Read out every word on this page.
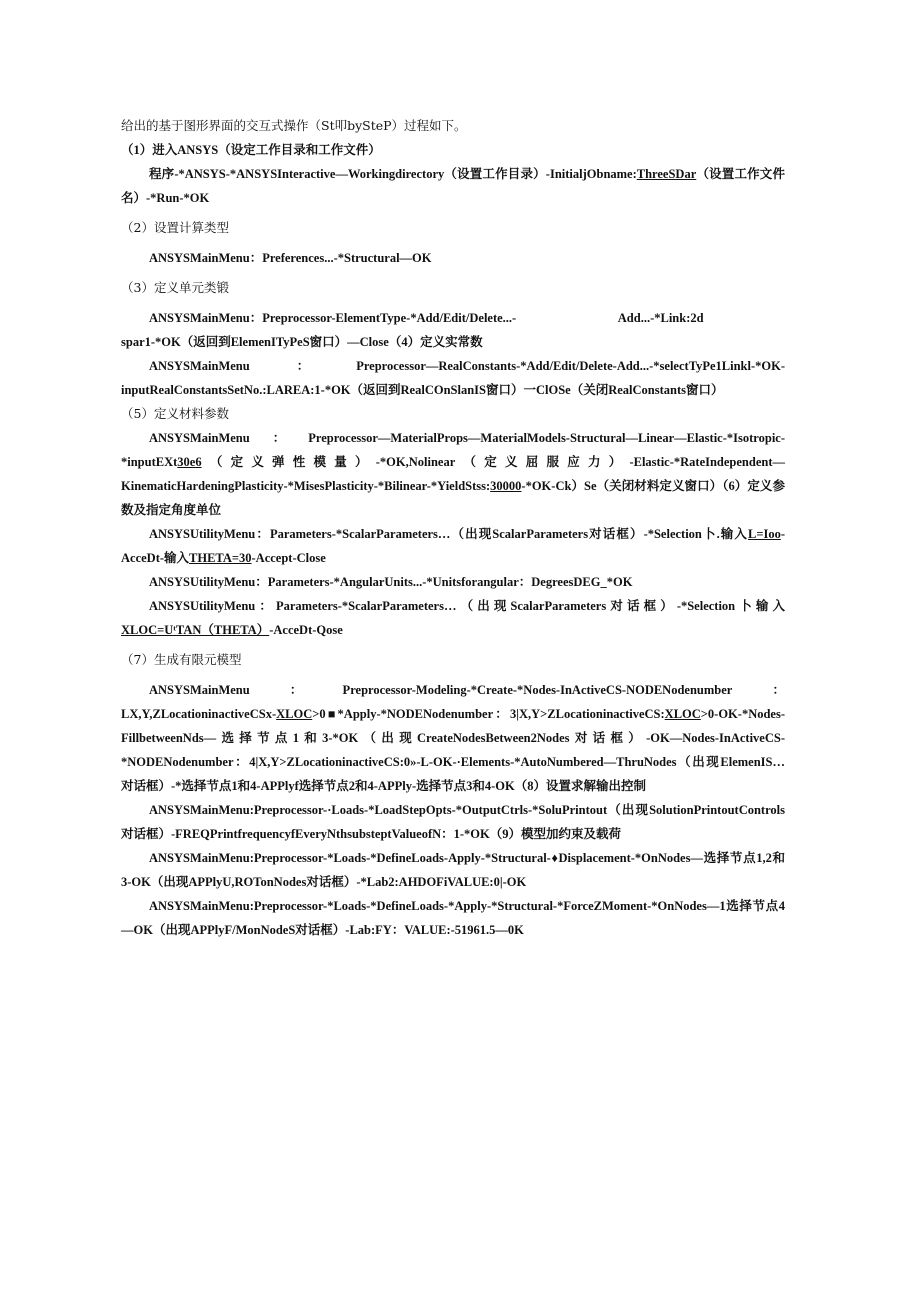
给出的基于图形界面的交互式操作（St叩bySteP）过程如下。
（1）进入ANSYS（设定工作目录和工作文件）

程序-*ANSYS-*ANSYSInteractive—Workingdirectory（设置工作目录）-InitialjObname:ThreeSDar（设置工作文件名）-*Run-*OK

（2）设置计算类型

ANSYSMainMenu：Preferences...-*Structural—OK

（3）定义单元类锻

ANSYSMainMenu：Preprocessor-ElementType-*Add/Edit/Delete...-	Add...-*Link:2d

spar1-*OK（返回到ElemenITyPeS窗口）—Close（4）定义实常数

ANSYSMainMenu：Preprocessor—RealConstants-*Add/Edit/Delete-Add...-*selectTyPe1Linkl-*OK-inputRealConstantsSetNo.:LAREA:1-*OK（返回到RealCOnSlanIS窗口）一ClOSe（关闭RealConstants窗口）

（5）定义材料参数

ANSYSMainMenu：Preprocessor—MaterialProps—MaterialModels-Structural—Linear—Elastic-*Isotropic-*inputEXt30e6（定义弹性模量）-*OK,Nolinear（定义屈服应力）-Elastic-*RateIndependent—KinematicHardeningPlasticity-*MisesPlasticity-*Bilinear-*YieldStss:30000-*OK-Ck）Se（关闭材料定义窗口）（6）定义参数及指定角度单位

ANSYSUtilityMenu：Parameters-*ScalarParameters…（出现ScalarParameters对话框）-*Selection卜.输入L=Ioo-AcceDt-输入THETA=30-Accept-Close

ANSYSUtilityMenu：Parameters-*AngularUnits...-*Unitsforangular：DegreesDEG_*OK

ANSYSUtilityMenu：Parameters-*ScalarParameters…（出现ScalarParameters对话框）-*Selection卜输入XLOC=UᵗTAN（THETA）-AcceDt-Qose

（7）生成有限元模型

ANSYSMainMenu：Preprocessor-Modeling-*Create-*Nodes-InActiveCS-NODENodenumber：LX,Y,ZLocationinactiveCSx-XLOC>0■*Apply-*NODENodenumber：3|X,Y>ZLocationinactiveCS:XLOC>0-OK-*Nodes-FillbetweenNds—选择节点1和3-*OK（出现CreateNodesBetween2Nodes对话框）-OK—Nodes-InActiveCS-*NODENodenumber：4|X,Y>ZLocationinactiveCS:0»-L-OK-·Elements-*AutoNumbered—ThruNodes（出现ElemenIS…对话框）-*选择节点1和4-APPlyf选择节点2和4-APPly-选择节点3和4-OK（8）设置求解输出控制

ANSYSMainMenu:Preprocessor-·Loads-*LoadStepOpts-*OutputCtrls-*SoluPrintout（出现SolutionPrintoutControls对话框）-FREQPrintfrequencyfEveryNthsubsteptValueofN：1-*OK（9）模型加约束及载荷

ANSYSMainMenu:Preprocessor-*Loads-*DefineLoads-Apply-*Structural-♦Displacement-*OnNodes—选择节点1,2和3-OK（出现APPlyU,ROTonNodes对话框）-*Lab2:AHDOFiVALUE:0|-OK

ANSYSMainMenu:Preprocessor-*Loads-*DefineLoads-*Apply-*Structural-*ForceZMoment-*OnNodes—1选择节点4—OK（出现APPlyF/MonNodeS对话框）-Lab:FY：VALUE:-51961.5—0K
